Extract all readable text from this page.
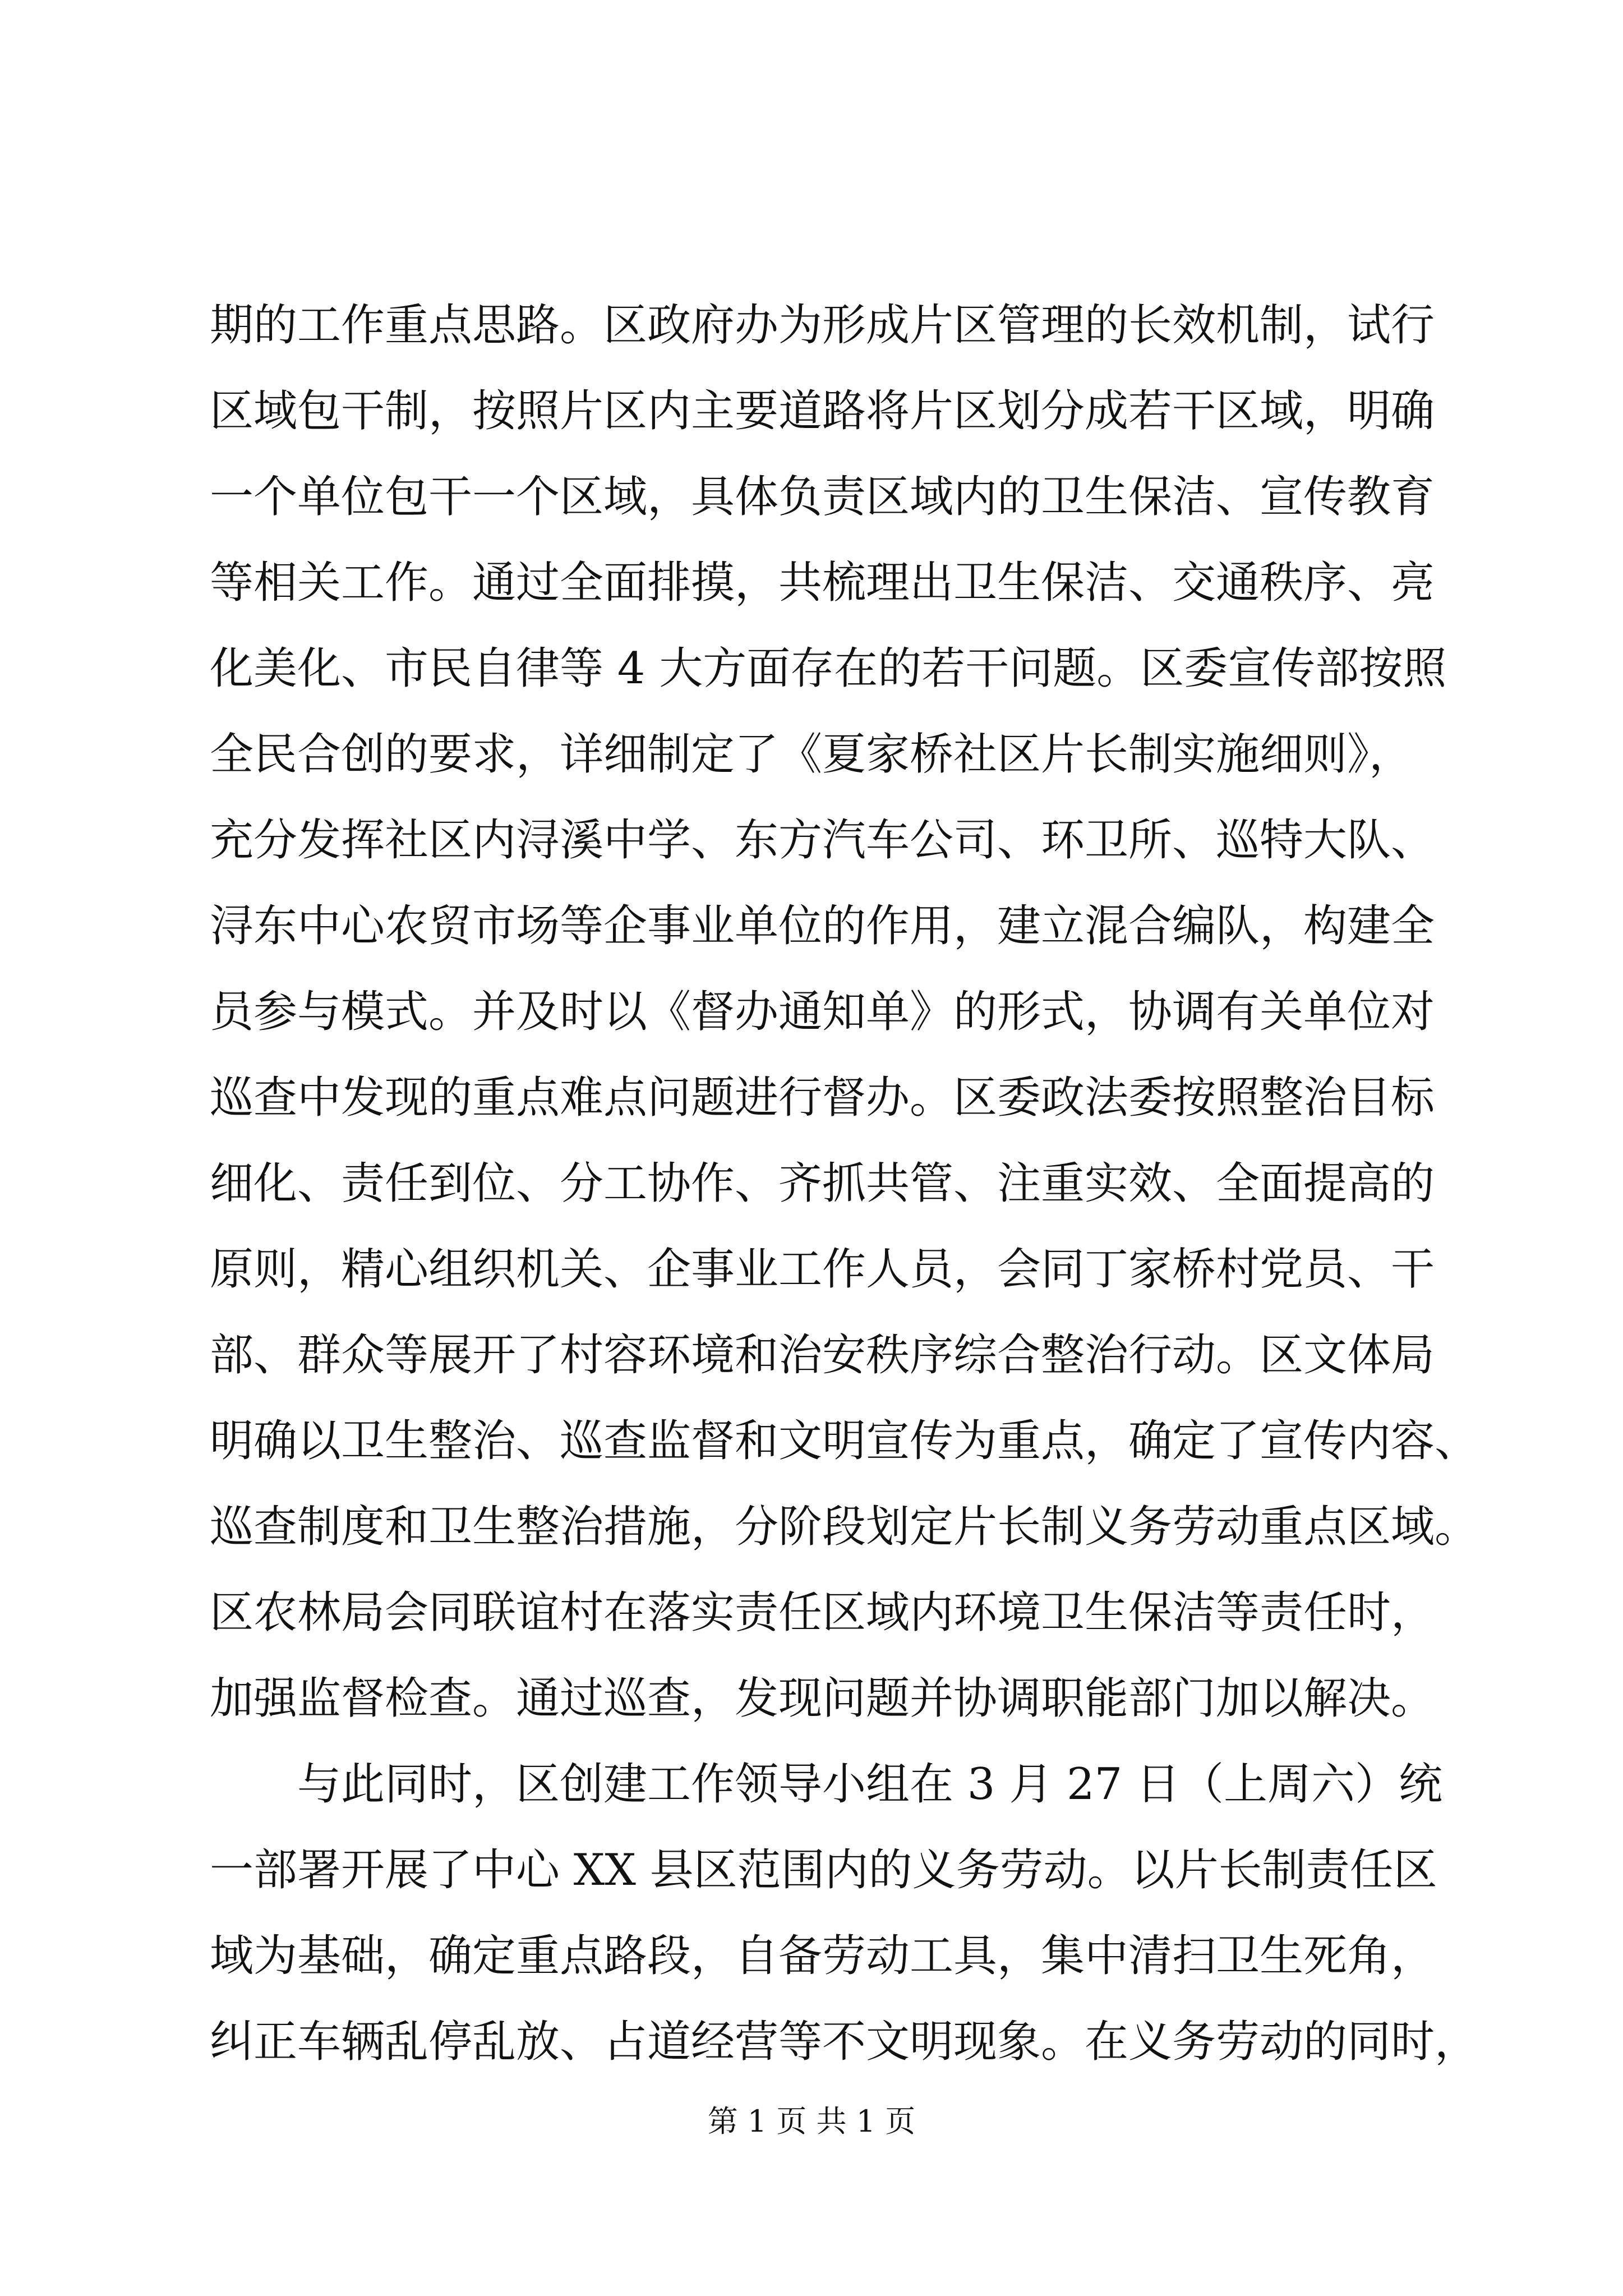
期的工作重点思路。区政府办为形成片区管理的长效机制，试行
区域包干制，按照片区内主要道路将片区划分成若干区域，明确
一个单位包干一个区域，具体负责区域内的卫生保洁、宣传教育
等相关工作。通过全面排摸，共梳理出卫生保洁、交通秩序、亮
化美化、市民自律等 4 大方面存在的若干问题。区委宣传部按照
全民合创的要求，详细制定了《夏家桥社区片长制实施细则》，
充分发挥社区内浔溪中学、东方汽车公司、环卫所、巡特大队、
浔东中心农贸市场等企事业单位的作用，建立混合编队，构建全
员参与模式。并及时以《督办通知单》的形式，协调有关单位对
巡查中发现的重点难点问题进行督办。区委政法委按照整治目标
细化、责任到位、分工协作、齐抓共管、注重实效、全面提高的
原则，精心组织机关、企事业工作人员，会同丁家桥村党员、干
部、群众等展开了村容环境和治安秩序综合整治行动。区文体局
明确以卫生整治、巡查监督和文明宣传为重点，确定了宣传内容、
巡查制度和卫生整治措施，分阶段划定片长制义务劳动重点区域。
区农林局会同联谊村在落实责任区域内环境卫生保洁等责任时，
加强监督检查。通过巡查，发现问题并协调职能部门加以解决。
与此同时，区创建工作领导小组在 3 月 27 日（上周六）统
一部署开展了中心 XX 县区范围内的义务劳动。以片长制责任区
域为基础，确定重点路段，自备劳动工具，集中清扫卫生死角，
纠正车辆乱停乱放、占道经营等不文明现象。在义务劳动的同时，
第 1 页 共 1 页
